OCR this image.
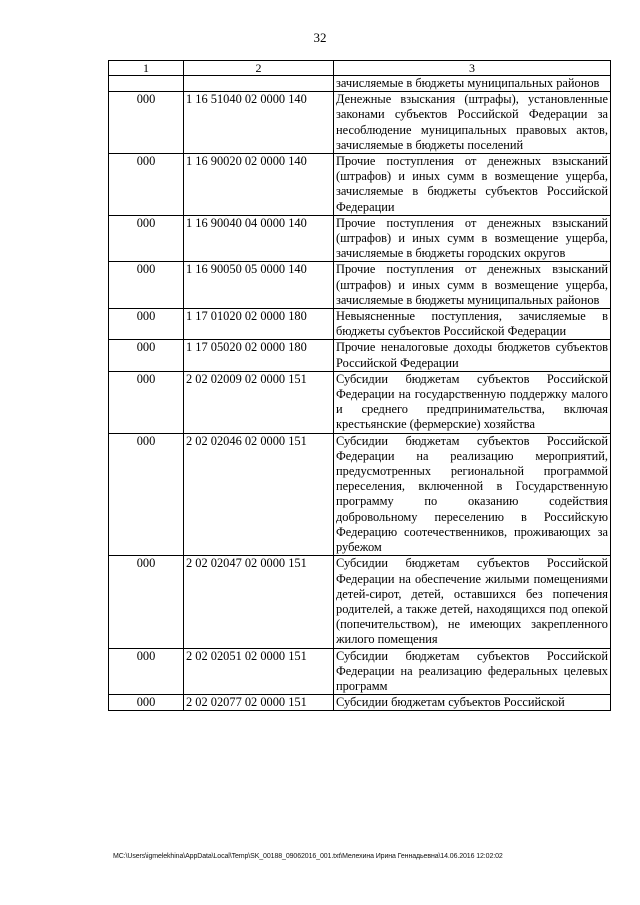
32
1	2	3
		зачисляемые в бюджеты муниципальных районов
000	1 16 51040 02 0000 140	Денежные взыскания (штрафы), установленные законами субъектов Российской Федерации за несоблюдение муниципальных правовых актов, зачисляемые в бюджеты поселений
000	1 16 90020 02 0000 140	Прочие поступления от денежных взысканий (штрафов) и иных сумм в возмещение ущерба, зачисляемые в бюджеты субъектов Российской Федерации
000	1 16 90040 04 0000 140	Прочие поступления от денежных взысканий (штрафов) и иных сумм в возмещение ущерба, зачисляемые в бюджеты городских округов
000	1 16 90050 05 0000 140	Прочие поступления от денежных взысканий (штрафов) и иных сумм в возмещение ущерба, зачисляемые в бюджеты муниципальных районов
000	1 17 01020 02 0000 180	Невыясненные поступления, зачисляемые в бюджеты субъектов Российской Федерации
000	1 17 05020 02 0000 180	Прочие неналоговые доходы бюджетов субъектов Российской Федерации
000	2 02 02009 02 0000 151	Субсидии бюджетам субъектов Российской Федерации на государственную поддержку малого и среднего предпринимательства, включая крестьянские (фермерские) хозяйства
000	2 02 02046 02 0000 151	Субсидии бюджетам субъектов Российской Федерации на реализацию мероприятий, предусмотренных региональной программой переселения, включенной в Государственную программу по оказанию содействия добровольному переселению в Российскую Федерацию соотечественников, проживающих за рубежом
000	2 02 02047 02 0000 151	Субсидии бюджетам субъектов Российской Федерации на обеспечение жилыми помещениями детей-сирот, детей, оставшихся без попечения родителей, а также детей, находящихся под опекой (попечительством), не имеющих закрепленного жилого помещения
000	2 02 02051 02 0000 151	Субсидии бюджетам субъектов Российской Федерации на реализацию федеральных целевых программ
000	2 02 02077 02 0000 151	Субсидии бюджетам субъектов Российской
MC:\Users\igmelekhina\AppData\Local\Temp\SK_00188_09062016_001.txt\Мелехина Ирина Геннадьевна\14.06.2016 12:02:02
